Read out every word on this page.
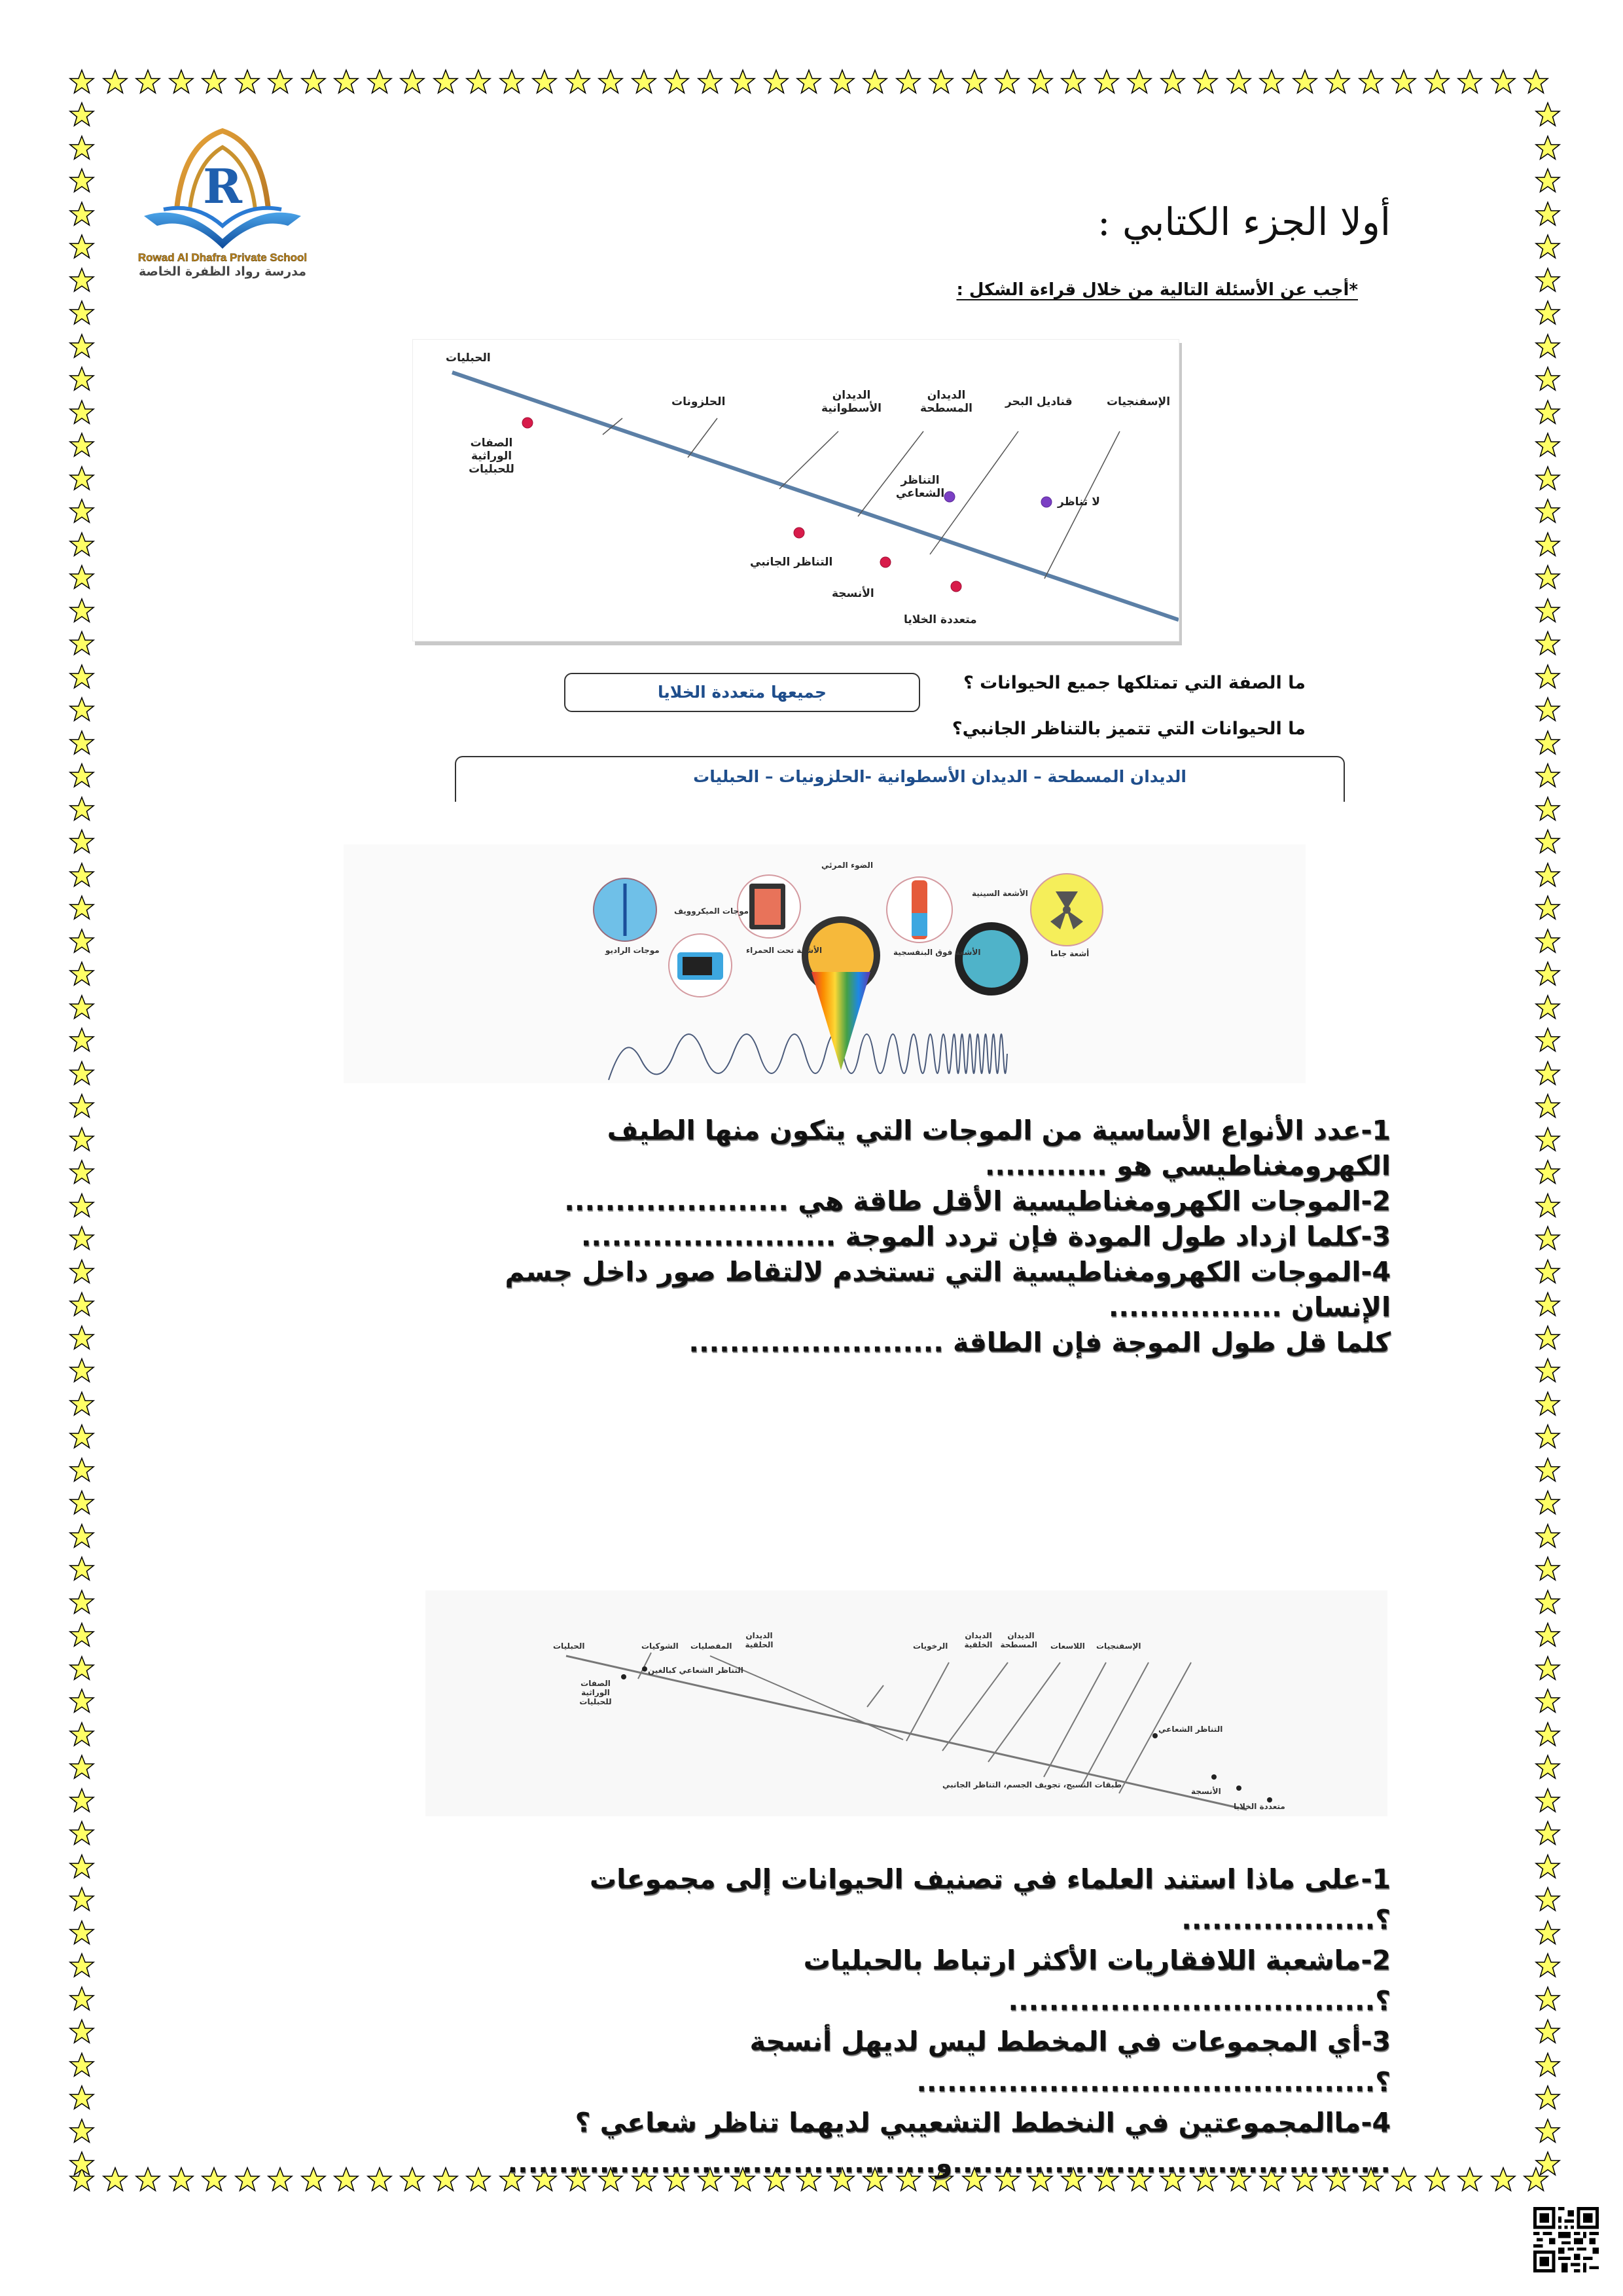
R
Rowad Al Dhafra Private School
مدرسة رواد الظفرة الخاصة
أولا الجزء الكتابي :
*أجب عن الأسئلة التالية من خلال قراءة الشكل :
الحبليات
الحلزونات	الديدان الأسطوانية
الديدان المسطحة	قناديل البحر	الإسفنجيات
الصفات الوراثية للحبليات
التناظر الجانبي
الأنسجة
متعددة الخلايا
التناظر الشعاعي
لا تناظر
ما الصفة التي تمتلكها جميع الحيوانات ؟
جميعها متعددة الخلايا
ما الحيوانات التي تتميز بالتناظر الجانبي؟
الديدان المسطحة – الديدان الأسطوانية -الحلزونيات – الحبليات
موجات الراديو
موجات الميكروويف
الأشعة تحت الحمراء
الضوء المرئي
الأشعة فوق البنفسجية
الأشعة السينية
أشعة جاما
1-عدد الأنواع الأساسية من الموجات التي يتكون منها الطيف
الكهرومغناطيسي هو ............
2-الموجات الكهرومغناطيسية الأقل طاقة هي ......................
3-كلما ازداد طول المودة فإن تردد الموجة .........................
4-الموجات الكهرومغناطيسية التي تستخدم لالتقاط صور داخل جسم
الإنسان .................
كلما قل طول الموجة فإن الطاقة .........................
الحبليات	الشوكيات المفصليات
الديدان الحلقية	الرخويات
الديدان الخلقية
الديدان المسطحة اللاسعات الإسفنجيات
الصفات الوراثية للحبليات
التناظر الشعاعي كبالغين
طبقات النسيج، تجويف الجسم، التناظر الجانبي
الأنسجة
متعددة الخلايا
التناظر الشعاعي
1-على ماذا استند العلماء في تصنيف الحيوانات إلى مجموعات
؟...................
2-ماشعبة اللافقاريات الأكثر ارتباط بالحبليات
؟....................................
3-أي المجموعات في المخطط ليس لديهل أنسجة
؟.............................................
4-ماالمجموعتين في النخطط التشعيبي لديهما تناظر شعاعي ؟
...........................................و..........................................
